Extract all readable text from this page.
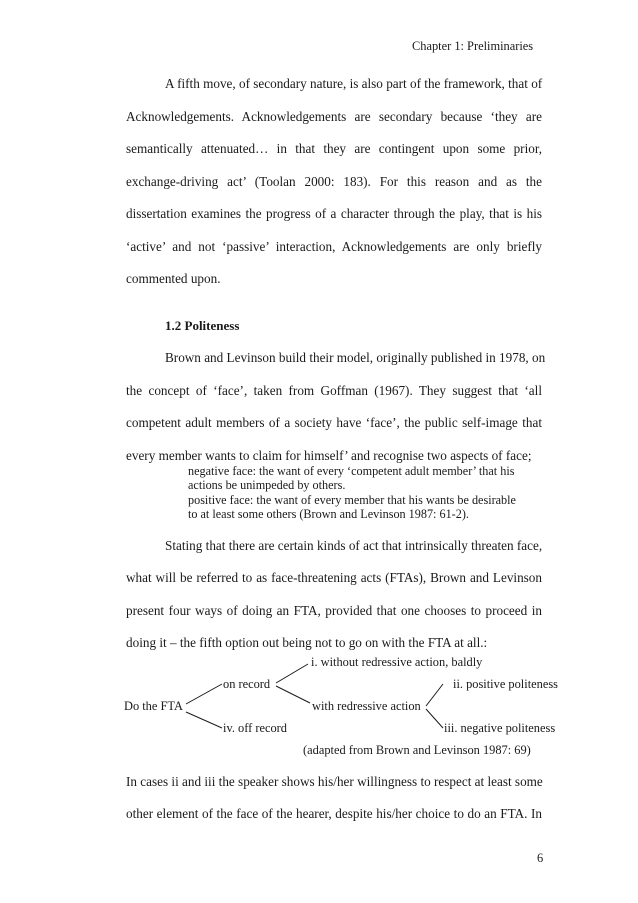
Chapter 1: Preliminaries
A fifth move, of secondary nature, is also part of the framework, that of
Acknowledgements. Acknowledgements are secondary because ‘they are
semantically attenuated… in that they are contingent upon some prior,
exchange-driving act’ (Toolan 2000: 183). For this reason and as the
dissertation examines the progress of a character through the play, that is his
‘active’ and not ‘passive’ interaction, Acknowledgements are only briefly
commented upon.
1.2 Politeness
Brown and Levinson build their model, originally published in 1978, on
the concept of ‘face’, taken from Goffman (1967). They suggest that ‘all
competent adult members of a society have ‘face’, the public self-image that
every member wants to claim for himself’ and recognise two aspects of face;
negative face: the want of every ‘competent adult member’ that his
actions be unimpeded by others.
positive face: the want of every member that his wants be desirable
to at least some others (Brown and Levinson 1987: 61-2).
Stating that there are certain kinds of act that intrinsically threaten face,
what will be referred to as face-threatening acts (FTAs), Brown and Levinson
present four ways of doing an FTA, provided that one chooses to proceed in
doing it – the fifth option out being not to go on with the FTA at all.:
Do the FTA
on record
iv. off record
i. without redressive action, baldly
with redressive action
ii. positive politeness
iii. negative politeness
(adapted from Brown and Levinson 1987: 69)
In cases ii and iii the speaker shows his/her willingness to respect at least some
other element of the face of the hearer, despite his/her choice to do an FTA. In
6
